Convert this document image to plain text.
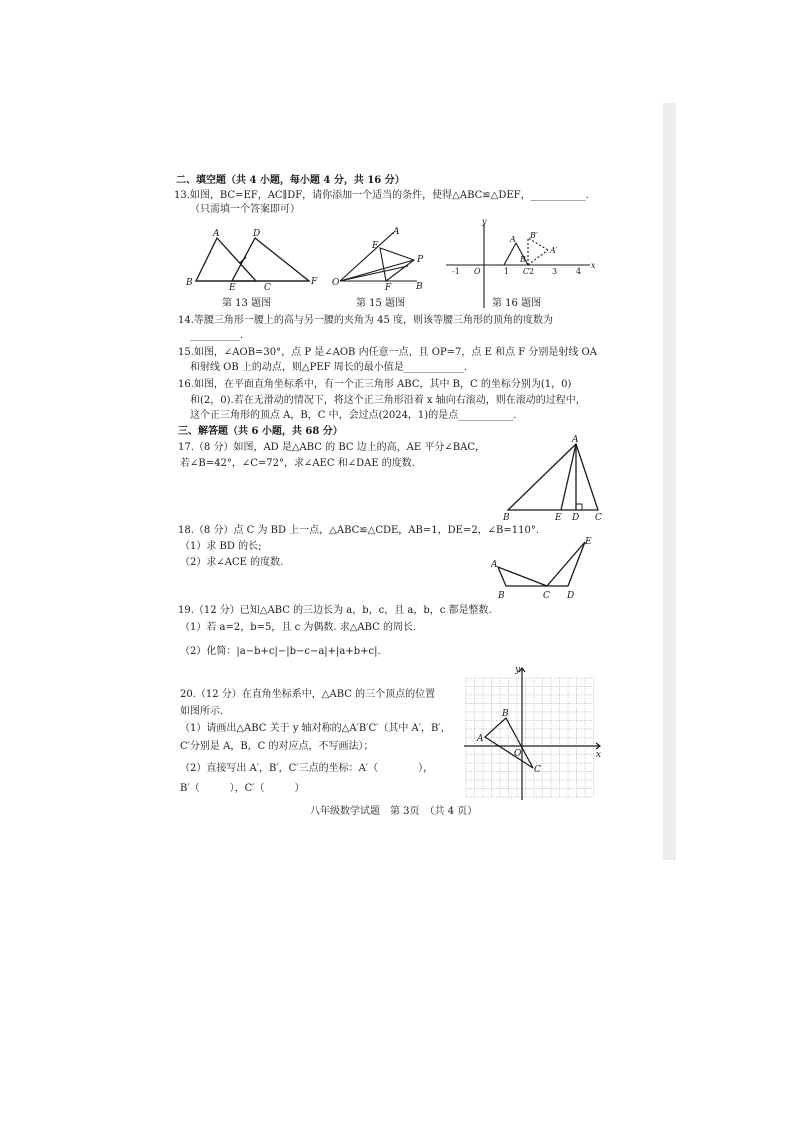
二、填空题（共 4 小题，每小题 4 分，共 16 分）
13.如图，BC=EF，AC∥DF，请你添加一个适当的条件，使得△ABC≌△DEF，___________.
（只需填一个答案即可）
A
B	C
D
E
F
第 13 题图
A
B
E
F
O
P
第 15 题图
y
x
O
A
B
C
B′
A′
-1	1 2 3 4
第 16 题图
14.等腰三角形一腰上的高与另一腰的夹角为 45 度，则该等腰三角形的顶角的度数为
__________.
15.如图，∠AOB=30°，点 P 是∠AOB 内任意一点，且 OP=7，点 E 和点 F 分别是射线 OA
和射线 OB 上的动点，则△PEF 周长的最小值是____________.
16.如图，在平面直角坐标系中，有一个正三角形 ABC，其中 B，C 的坐标分别为(1，0)
和(2，0).若在无滑动的情况下，将这个正三角形沿着 x 轴向右滚动，则在滚动的过程中，
这个正三角形的顶点 A，B，C 中，会过点(2024，1)的是点___________.
三、解答题（共 6 小题，共 68 分）
17.（8 分）如图，AD 是△ABC 的 BC 边上的高，AE 平分∠BAC，
若∠B=42°，∠C=72°，求∠AEC 和∠DAE 的度数.
A
B	E D C
18.（8 分）点 C 为 BD 上一点，△ABC≌△CDE，AB=1，DE=2，∠B=110°.
（1）求 BD 的长;
（2）求∠ACE 的度数.	A
B	C D
E
19.（12 分）已知△ABC 的三边长为 a，b，c，且 a，b，c 都是整数.
（1）若 a=2，b=5，且 c 为偶数. 求△ABC 的周长.
（2）化简：|a−b+c|−|b−c−a|+|a+b+c|.
20.（12 分）在直角坐标系中，△ABC 的三个顶点的位置
如图所示.
（1）请画出△ABC 关于 y 轴对称的△A′B′C′（其中 A′，B′，
C′分别是 A，B，C 的对应点，不写画法）；
（2）直接写出 A′，B′，C′三点的坐标：A′（　　　　），
B′（　　　），C′（　　　）
y
x
O
A
B
C
八年级数学试题　第 3页　（共 4 页）
